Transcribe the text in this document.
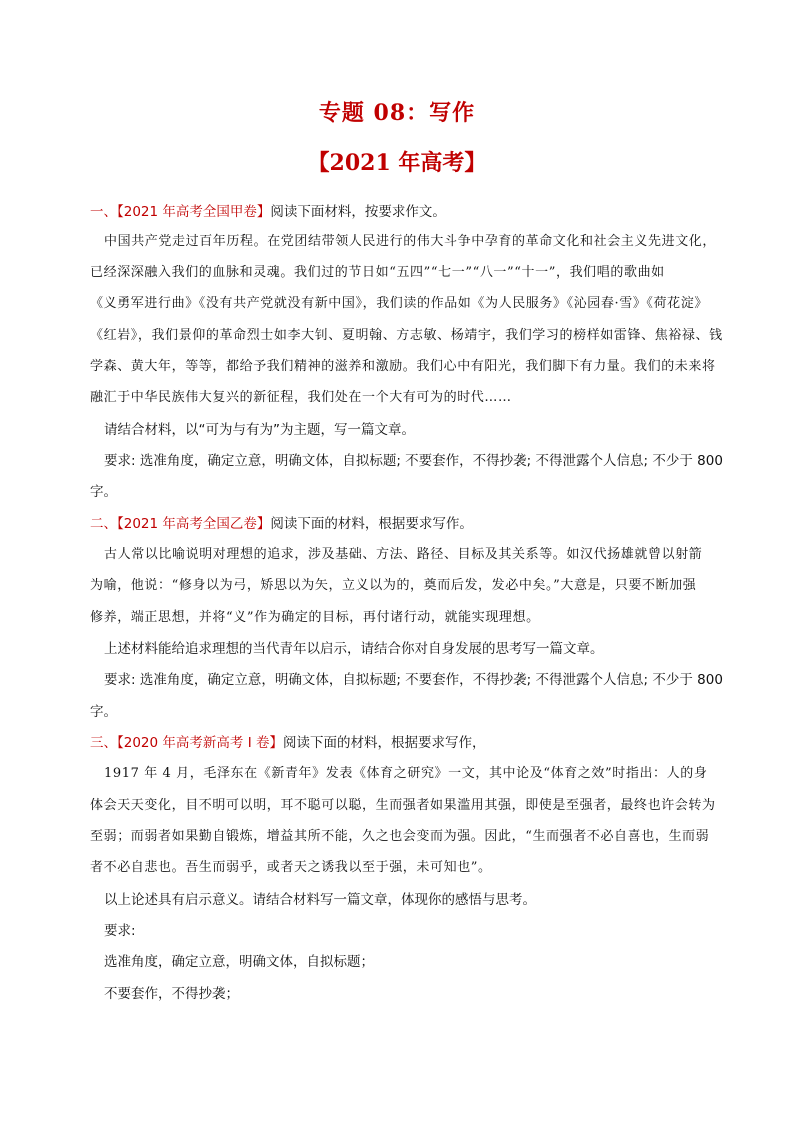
专题 08：写作
【2021 年高考】
一、【2021 年高考全国甲卷】阅读下面材料，按要求作文。
中国共产党走过百年历程。在党团结带领人民进行的伟大斗争中孕育的革命文化和社会主义先进文化，
已经深深融入我们的血脉和灵魂。我们过的节日如“五四”“七一”“八一”“十一”，我们唱的歌曲如
《义勇军进行曲》《没有共产党就没有新中国》，我们读的作品如《为人民服务》《沁园春·雪》《荷花淀》
《红岩》，我们景仰的革命烈士如李大钊、夏明翰、方志敏、杨靖宇，我们学习的榜样如雷锋、焦裕禄、钱
学森、黄大年，等等，都给予我们精神的滋养和激励。我们心中有阳光，我们脚下有力量。我们的未来将
融汇于中华民族伟大复兴的新征程，我们处在一个大有可为的时代……
请结合材料，以“可为与有为”为主题，写一篇文章。
要求: 选准角度，确定立意，明确文体，自拟标题; 不要套作，不得抄袭; 不得泄露个人信息; 不少于 800
字。
二、【2021 年高考全国乙卷】阅读下面的材料，根据要求写作。
古人常以比喻说明对理想的追求，涉及基础、方法、路径、目标及其关系等。如汉代扬雄就曾以射箭
为喻，他说：“修身以为弓，矫思以为矢，立义以为的，奠而后发，发必中矣。”大意是，只要不断加强
修养，端正思想，并将“义”作为确定的目标，再付诸行动，就能实现理想。
上述材料能给追求理想的当代青年以启示，请结合你对自身发展的思考写一篇文章。
要求: 选准角度，确定立意，明确文体，自拟标题; 不要套作，不得抄袭; 不得泄露个人信息; 不少于 800
字。
三、【2020 年高考新高考 I 卷】阅读下面的材料，根据要求写作，
1917 年 4 月，毛泽东在《新青年》发表《体育之研究》一文，其中论及“体育之效”时指出：人的身
体会天天变化，目不明可以明，耳不聪可以聪，生而强者如果滥用其强，即使是至强者，最终也许会转为
至弱；而弱者如果勤自锻炼，增益其所不能，久之也会变而为强。因此，“生而强者不必自喜也，生而弱
者不必自悲也。吾生而弱乎，或者天之诱我以至于强，未可知也”。
以上论述具有启示意义。请结合材料写一篇文章，体现你的感悟与思考。
要求:
选准角度，确定立意，明确文体，自拟标题；
不要套作，不得抄袭；
